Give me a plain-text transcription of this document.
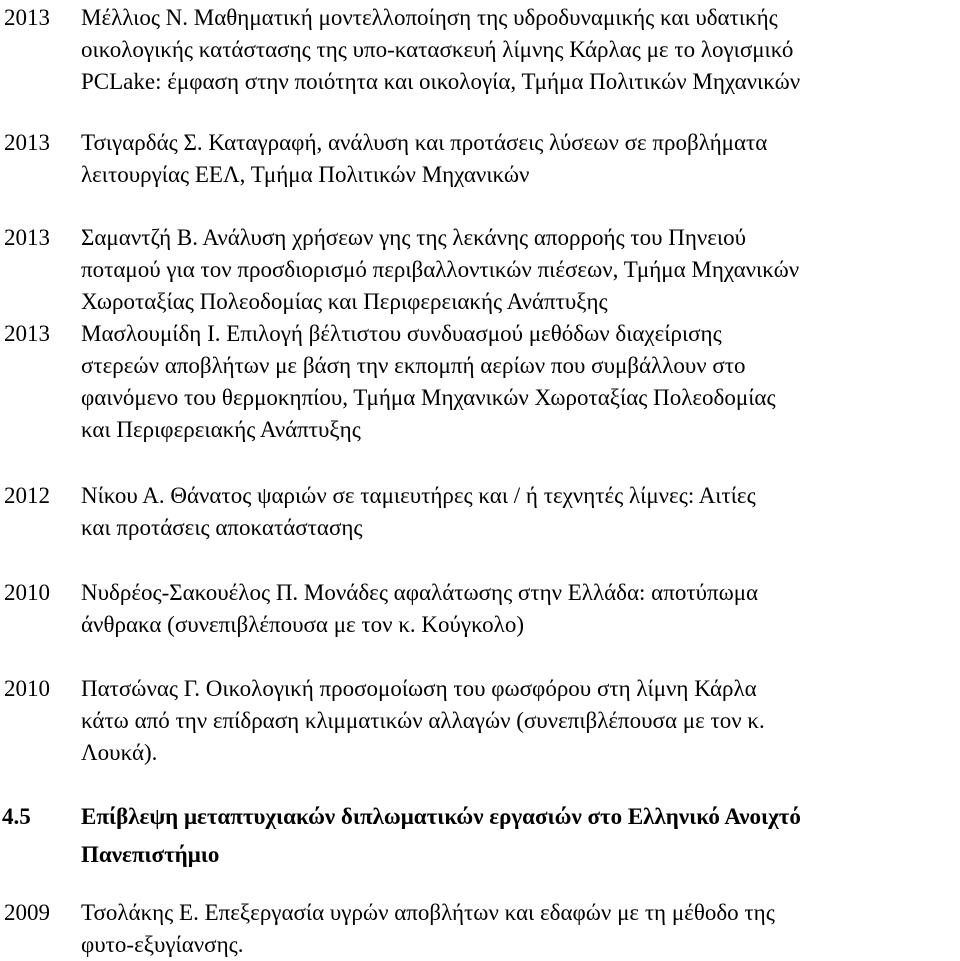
2013 Μέλλιος Ν. Μαθηματική μοντελλοποίηση της υδροδυναμικής και υδατικής
οικολογικής κατάστασης της υπο-κατασκευή λίμνης Κάρλας με το λογισμικό
PCLake: έμφαση στην ποιότητα και οικολογία, Τμήμα Πολιτικών Μηχανικών
2013 Τσιγαρδάς Σ. Καταγραφή, ανάλυση και προτάσεις λύσεων σε προβλήματα
λειτουργίας ΕΕΛ, Τμήμα Πολιτικών Μηχανικών
2013 Σαμαντζή Β. Ανάλυση χρήσεων γης της λεκάνης απορροής του Πηνειού
ποταμού για τον προσδιορισμό περιβαλλοντικών πιέσεων, Τμήμα Μηχανικών
Χωροταξίας Πολεοδομίας και Περιφερειακής Ανάπτυξης
2013 Μασλουμίδη Ι. Επιλογή βέλτιστου συνδυασμού μεθόδων διαχείρισης
στερεών αποβλήτων με βάση την εκπομπή αερίων που συμβάλλουν στο
φαινόμενο του θερμοκηπίου, Τμήμα Μηχανικών Χωροταξίας Πολεοδομίας
και Περιφερειακής Ανάπτυξης
2012 Νίκου Α. Θάνατος ψαριών σε ταμιευτήρες και / ή τεχνητές λίμνες: Αιτίες
και προτάσεις αποκατάστασης
2010 Νυδρέος-Σακουέλος Π. Μονάδες αφαλάτωσης στην Ελλάδα: αποτύπωμα
άνθρακα (συνεπιβλέπουσα με τον κ. Κούγκολο)
2010 Πατσώνας Γ. Οικολογική προσομοίωση του φωσφόρου στη λίμνη Κάρλα
κάτω από την επίδραση κλιμματικών αλλαγών (συνεπιβλέπουσα με τον κ.
Λουκά).
4.5 Επίβλεψη μεταπτυχιακών διπλωματικών εργασιών στο Ελληνικό Ανοιχτό
Πανεπιστήμιο
2009 Τσολάκης Ε. Επεξεργασία υγρών αποβλήτων και εδαφών με τη μέθοδο της
φυτο-εξυγίανσης.
